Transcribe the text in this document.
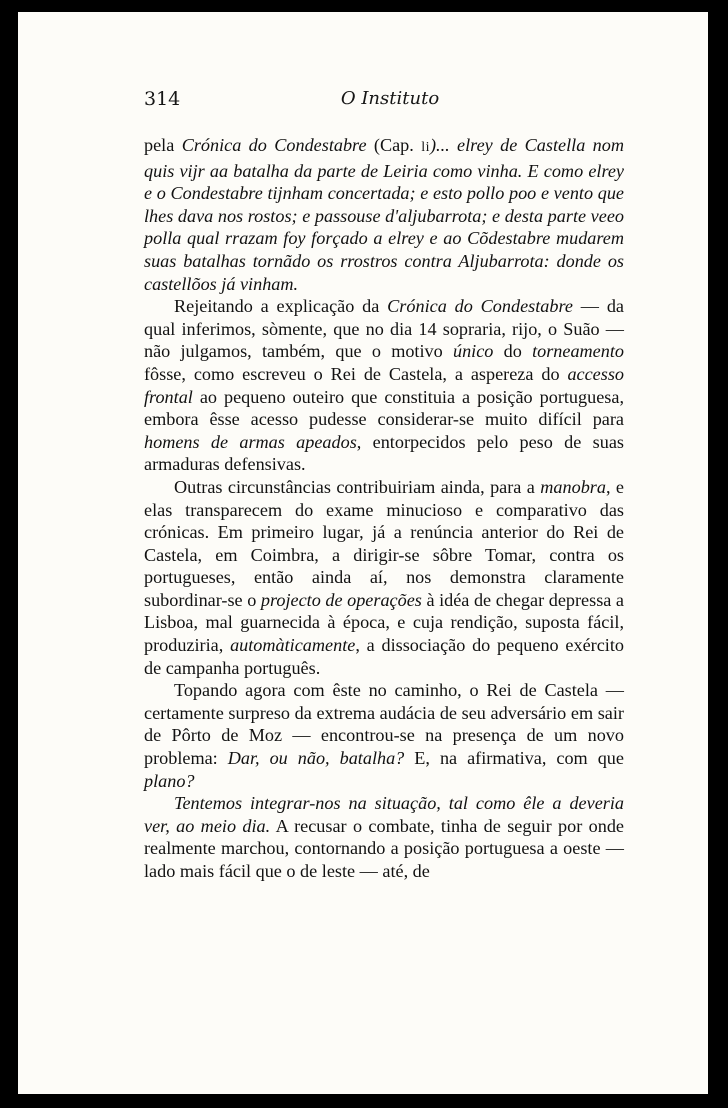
314	O Instituto

pela Crónica do Condestabre (Cap. li)... elrey de Castella nom quis vijr aa batalha da parte de Leiria como vinha. E como elrey e o Condestabre tijnham concertada; e esto pollo poo e vento que lhes dava nos rostos; e passouse d'aljubarrota; e desta parte veeo polla qual rrazam foy forçado a elrey e ao Cõdestabre mudarem suas batalhas tornãdo os rrostros contra Aljubarrota: donde os castellõos já vinham.

Rejeitando a explicação da Crónica do Condestabre — da qual inferimos, sòmente, que no dia 14 sopraria, rijo, o Suão — não julgamos, também, que o motivo único do torneamento fôsse, como escreveu o Rei de Castela, a aspereza do accesso frontal ao pequeno outeiro que constituia a posição portuguesa, embora êsse acesso pudesse considerar-se muito difícil para homens de armas apeados, entorpecidos pelo peso de suas armaduras defensivas.

Outras circunstâncias contribuiriam ainda, para a manobra, e elas transparecem do exame minucioso e comparativo das crónicas. Em primeiro lugar, já a renúncia anterior do Rei de Castela, em Coimbra, a dirigir-se sôbre Tomar, contra os portugueses, então ainda aí, nos demonstra claramente subordinar-se o projecto de operações à idéa de chegar depressa a Lisboa, mal guarnecida à época, e cuja rendição, suposta fácil, produziria, automàticamente, a dissociação do pequeno exército de campanha português.

Topando agora com êste no caminho, o Rei de Castela — certamente surpreso da extrema audácia de seu adversário em sair de Pôrto de Moz — encontrou-se na presença de um novo problema: Dar, ou não, batalha? E, na afirmativa, com que plano?

Tentemos integrar-nos na situação, tal como êle a deveria ver, ao meio dia. A recusar o combate, tinha de seguir por onde realmente marchou, contornando a posição portuguesa a oeste — lado mais fácil que o de leste — até, de
